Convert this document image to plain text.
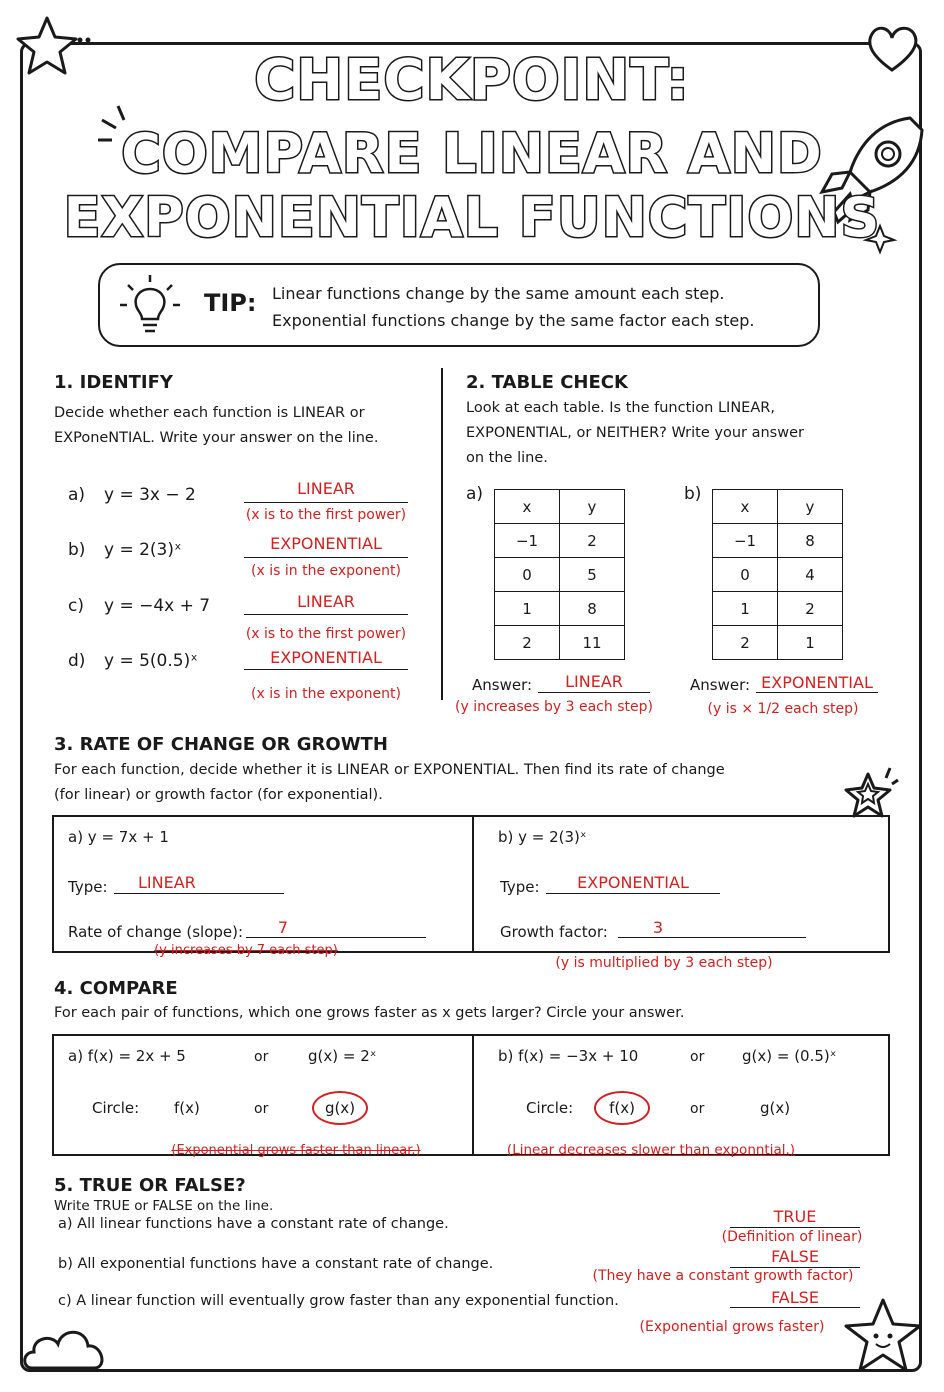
CHECKPOINT:
COMPARE LINEAR AND
EXPONENTIAL FUNCTIONS
TIP: Linear functions change by the same amount each step.
Exponential functions change by the same factor each step.
1. IDENTIFY
Decide whether each function is LINEAR or
EXPoneNTIAL. Write your answer on the line.
a) y = 3x − 2	LINEAR
(x is to the first power)
b) y = 2(3)ˣ	EXPONENTIAL
(x is in the exponent)
c) y = −4x + 7	LINEAR
(x is to the first power)
d) y = 5(0.5)ˣ	EXPONENTIAL
(x is in the exponent)
2. TABLE CHECK
Look at each table. Is the function LINEAR,
EXPONENTIAL, or NEITHER? Write your answer
on the line.
a)
x	y
−1	2
0	5
1	8
2	11
Answer:	LINEAR
(y increases by 3 each step)
b)
x	y
−1	8
0	4
1	2
2	1
Answer: EXPONENTIAL
(y is × 1/2 each step)
3. RATE OF CHANGE OR GROWTH
For each function, decide whether it is LINEAR or EXPONENTIAL. Then find its rate of change
(for linear) or growth factor (for exponential).
a) y = 7x + 1
Type:	LINEAR
Rate of change (slope):	7
(y increases by 7 each step)
b) y = 2(3)ˣ
Type:	EXPONENTIAL
Growth factor:	3
(y is multiplied by 3 each step)
4. COMPARE
For each pair of functions, which one grows faster as x gets larger? Circle your answer.
a) f(x) = 2x + 5	or	g(x) = 2ˣ
Circle: f(x)	or	g(x)
(Exponential grows faster than linear.)
b) f(x) = −3x + 10	or	g(x) = (0.5)ˣ
Circle:	f(x)	or	g(x)
(Linear decreases slower than exponntial.)
5. TRUE OR FALSE?
Write TRUE or FALSE on the line.
a) All linear functions have a constant rate of change.	TRUE
(Definition of linear)
b) All exponential functions have a constant rate of change.	FALSE
(They have a constant growth factor)
c) A linear function will eventually grow faster than any exponential function.	FALSE
(Exponential grows faster)
